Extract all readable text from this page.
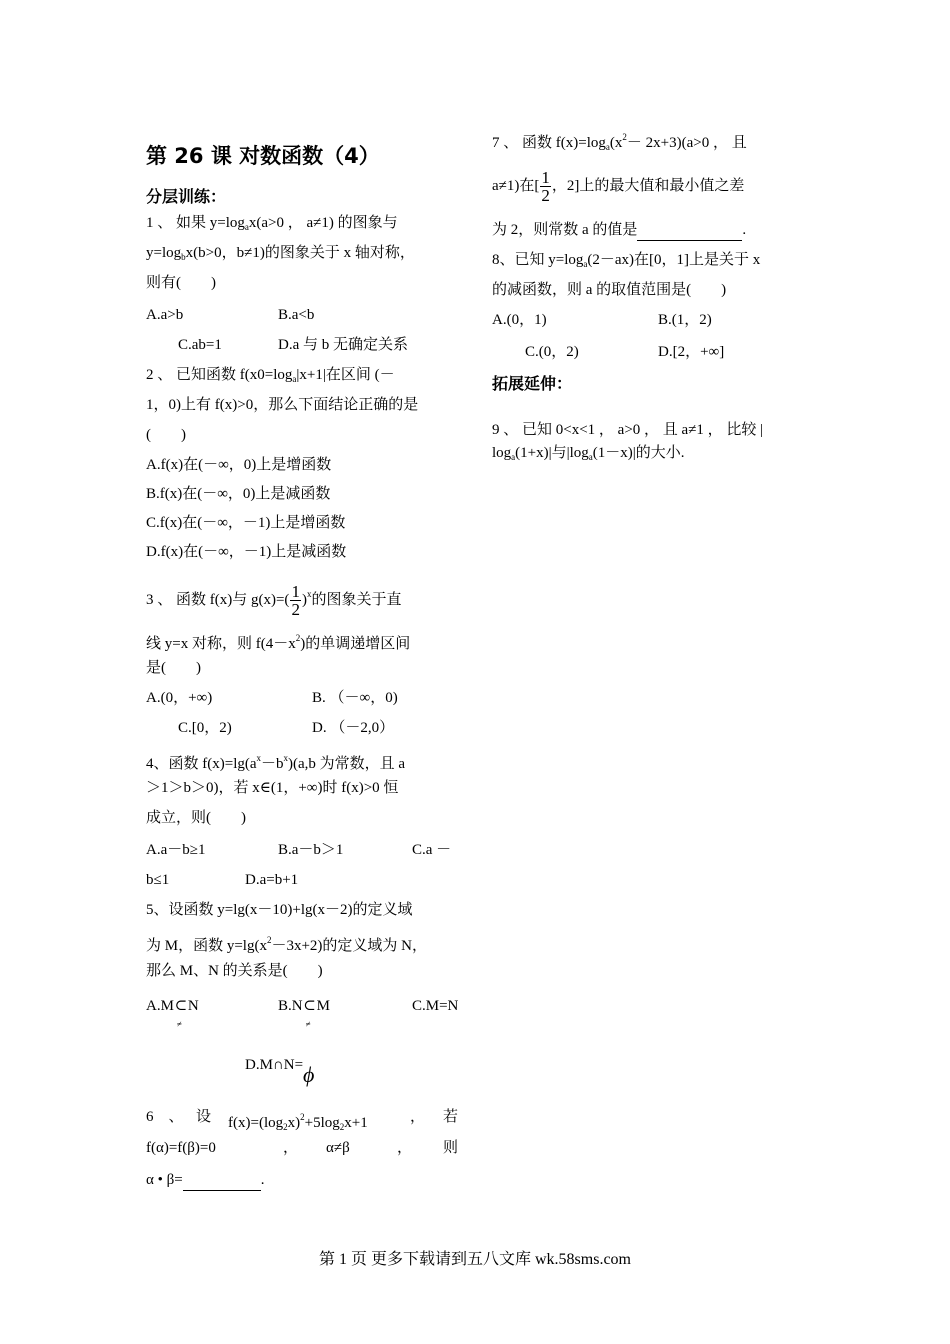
第 26 课 对数函数（4）
分层训练：
1 、 如果 $y=\log_ax(a>0$ ， a≠1) 的图象与
$y=\log_bx(b>0$，b≠1)的图象关于 x 轴对称，
则有(　　)
A.a>b	B.a<b
C.ab=1	D.a 与 b 无确定关系
2 、 已知函数 $f(x0=\log_a|x+1|$在区间 (－
1，0)上有 f(x)>0，那么下面结论正确的是
(　　)
A.f(x)在(－∞，0)上是增函数
B.f(x)在(－∞，0)上是减函数
C.f(x)在(－∞，－1)上是增函数
D.f(x)在(－∞，－1)上是减函数
3 、 函数 f(x)与 $g(x)=( \frac{1}{2} )^x$的图象关于直
线 y=x 对称，则 $f(4-x^2)$的单调递增区间
是(　　)
A.(0，+∞)	B. （－∞，0)
C.[0，2)	D. （－2,0）
4、函数 $f(x)=\lg(a^x-b^x)(a,b$ 为常数，且 a
＞1＞b＞0)，若 x∈(1，+∞)时 f(x)>0 恒
成立，则(　　)
A.a－b≥1	B.a－b＞1	C.a －
b≤1	D.a=b+1
5、设函数 y=lg(x－10)+lg(x－2)的定义域
为 M，函数 $y=\lg(x^2-3x+2)$的定义域为 N，
那么 M、N 的关系是(　　)
A.M⊂
≠
N	B.N⊂
≠
M	C.M=N
D.M∩N= ϕ
6　、 设 $f(x)=(\log_2x)^2+5\log_2x+1$	， 若
f(α)=f(β)=0	， α≠β	， 则
α • β=	.
7 、 函数 $f(x)=\log_a(x^2- 2x+3)(a>0$ ， 且
a≠1)在[ $\frac{1}{2}$ ，2]上的最大值和最小值之差
为 2，则常数 a 的值是	.
8、已知 $y=\log_a(2-ax)$在[0，1]上是关于 x
的减函数，则 a 的取值范围是(　　)
A.(0，1)	B.(1，2)
C.(0，2)	D.[2，+∞]
拓展延伸：
9 、 已知 0<x<1 ， a>0 ， 且 a≠1 ， 比较 |
$\log_a(1+x)|$与$|\log_a(1-x)|$的大小.
第 1 页 更多下载请到五八文库 wk.58sms.com
